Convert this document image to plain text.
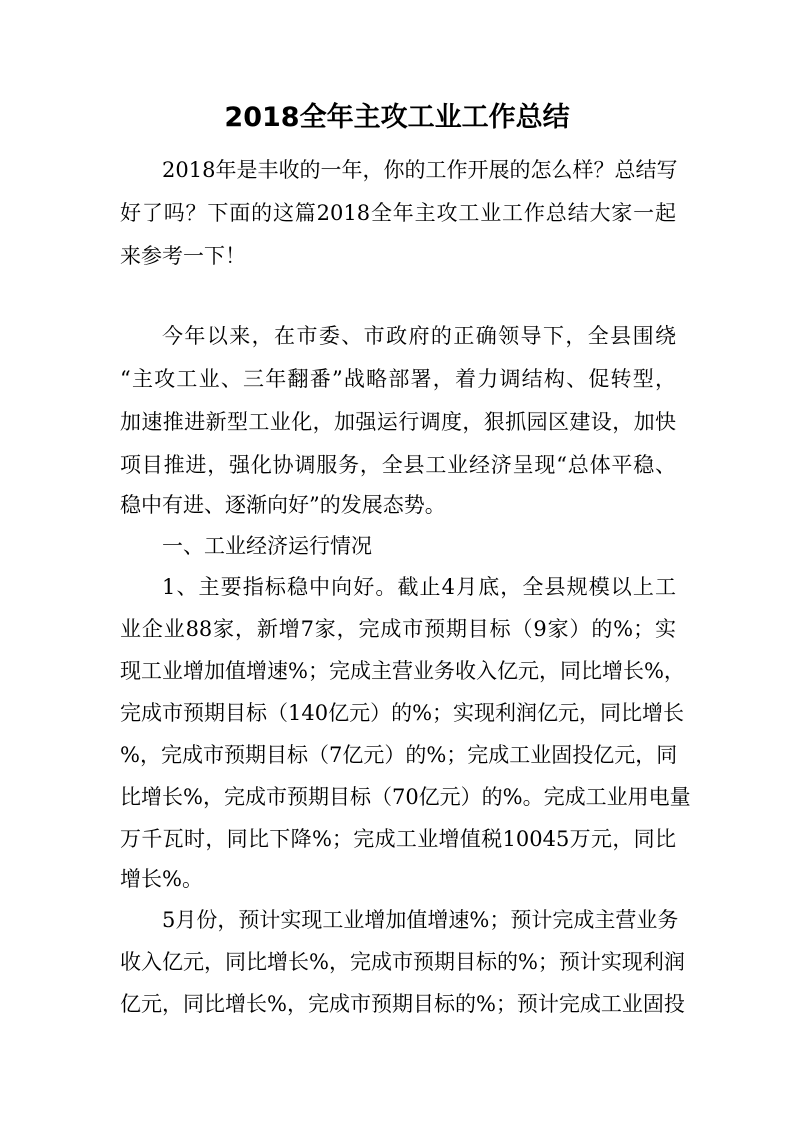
2018全年主攻工业工作总结
2018年是丰收的一年，你的工作开展的怎么样？总结写
好了吗？下面的这篇2018全年主攻工业工作总结大家一起
来参考一下！
今年以来，在市委、市政府的正确领导下，全县围绕
“主攻工业、三年翻番”战略部署，着力调结构、促转型，
加速推进新型工业化，加强运行调度，狠抓园区建设，加快
项目推进，强化协调服务，全县工业经济呈现“总体平稳、
稳中有进、逐渐向好”的发展态势。
一、工业经济运行情况
1、主要指标稳中向好。截止4月底，全县规模以上工
业企业88家，新增7家，完成市预期目标（9家）的%；实
现工业增加值增速%；完成主营业务收入亿元，同比增长%，
完成市预期目标（140亿元）的%；实现利润亿元，同比增长
%，完成市预期目标（7亿元）的%；完成工业固投亿元，同
比增长%，完成市预期目标（70亿元）的%。完成工业用电量
万千瓦时，同比下降%；完成工业增值税10045万元，同比
增长%。
5月份，预计实现工业增加值增速%；预计完成主营业务
收入亿元，同比增长%，完成市预期目标的%；预计实现利润
亿元，同比增长%，完成市预期目标的%；预计完成工业固投
